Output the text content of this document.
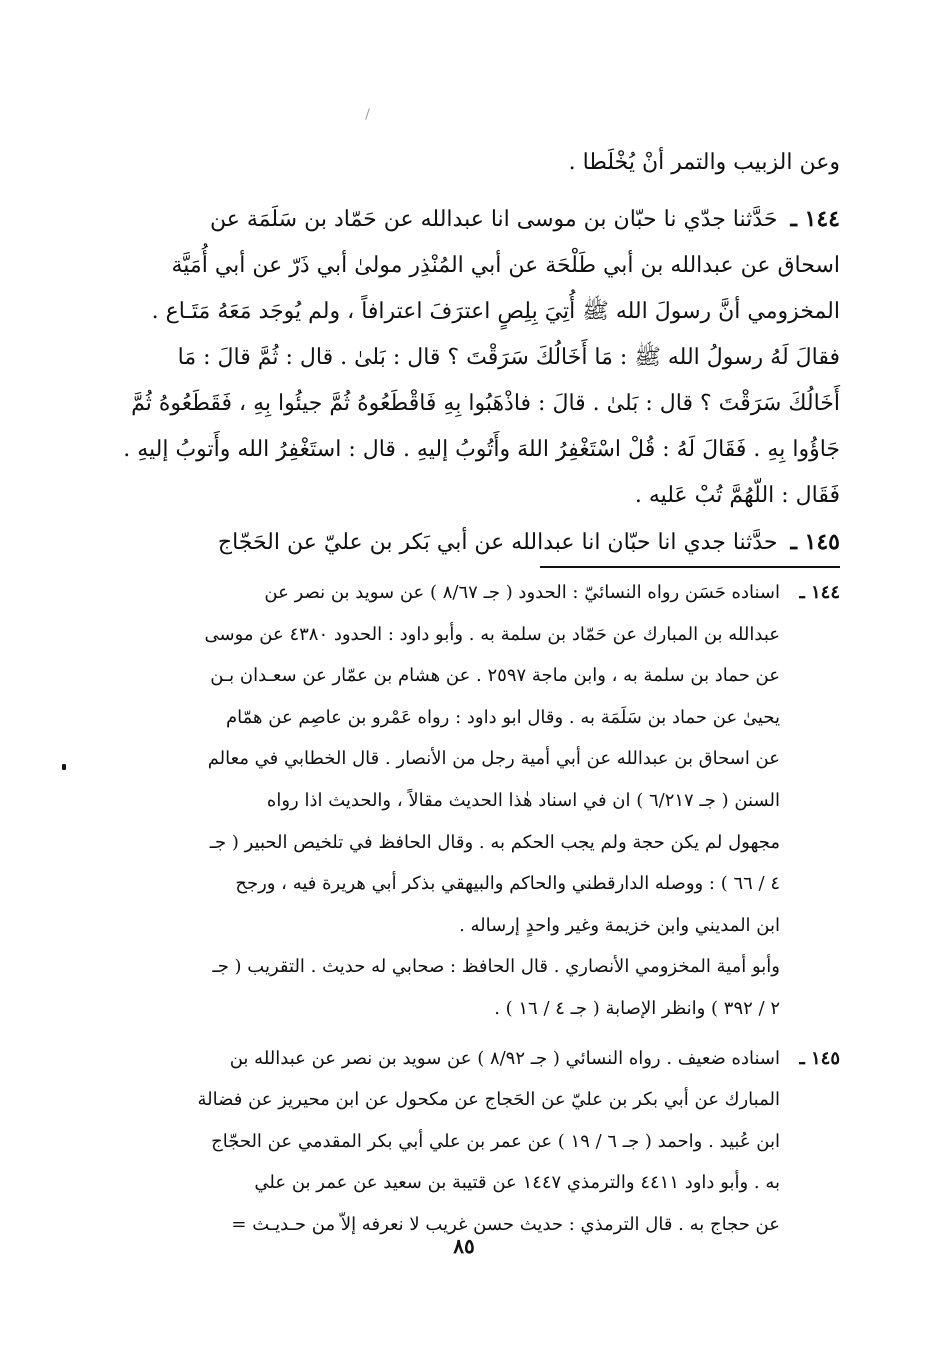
وعن الزبيب والتمر أنْ يُخْلَطا .

١٤٤ ـ حَدَّثنا جدّي نا حبّان بن موسى انا عبدالله عن حَمّاد بن سَلَمَة عن

اسحاق عن عبدالله بن أبي طَلْحَة عن أبي المُنْذِر مولىٰ أبي ذَرّ عن أبي أُمَيَّة

المخزومي أنَّ رسولَ الله ﷺ أُتِيَ بِلِصٍ اعترَفَ اعترافاً ، ولم يُوجَد مَعَهُ مَتَـاع .

فقالَ لَهُ رسولُ الله ﷺ : مَا أَخَالُكَ سَرَقْتَ ؟ قال : بَلىٰ . قال : ثُمَّ قالَ : مَا

أَخَالُكَ سَرَقْتَ ؟ قال : بَلىٰ . قالَ : فاذْهَبُوا بِهِ فَاقْطَعُوهُ ثُمَّ جيئُوا بِهِ ، فَقَطَعُوهُ ثُمَّ

جَاؤُوا بِهِ . فَقَالَ لَهُ : قُلْ اسْتَغْفِرُ اللهَ وأَتُوبُ إليهِ . قال : استَغْفِرُ الله وأَتوبُ إليهِ .

فَقَال : اللّهُمَّ تُبْ عَليه .

١٤٥ ـ حدَّثنا جدي انا حبّان انا عبدالله عن أبي بَكر بن عليّ عن الحَجّاج

١٤٤ ـ

اسناده حَسَن رواه النسائيّ : الحدود ( جـ ٨/٦٧ ) عن سويد بن نصر عن

عبدالله بن المبارك عن حَمّاد بن سلمة به . وأبو داود : الحدود ٤٣٨٠ عن موسى

عن حماد بن سلمة به ، وابن ماجة ٢٥٩٧ . عن هشام بن عمّار عن سعـدان بـن

يحيىٰ عن حماد بن سَلَمَة به . وقال ابو داود : رواه عَمْرو بن عاصِم عن همّام

عن اسحاق بن عبدالله عن أبي أمية رجل من الأنصار . قال الخطابي في معالم

السنن ( جـ ٦/٢١٧ ) ان في اسناد هٰذا الحديث مقالاً ، والحديث اذا رواه

مجهول لم يكن حجة ولم يجب الحكم به . وقال الحافظ في تلخيص الحبير ( جـ

٤ / ٦٦ ) : ووصله الدارقطني والحاكم والبيهقي بذكر أبي هريرة فيه ، ورجح

ابن المديني وابن خزيمة وغير واحدٍ إرساله .

وأبو أمية المخزومي الأنصاري . قال الحافظ : صحابي له حديث . التقريب ( جـ

٢ / ٣٩٢ ) وانظر الإصابة ( جـ ٤ / ١٦ ) .

١٤٥ ـ

اسناده ضعيف . رواه النسائي ( جـ ٨/٩٢ ) عن سويد بن نصر عن عبدالله بن

المبارك عن أبي بكر بن عليّ عن الحَجاج عن مكحول عن ابن محيريز عن فضالة

ابن عُبيد . واحمد ( جـ ٦ / ١٩ ) عن عمر بن علي أبي بكر المقدمي عن الحجّاج

به . وأبو داود ٤٤١١ والترمذي ١٤٤٧ عن قتيبة بن سعيد عن عمر بن علي

عن حجاج به . قال الترمذي : حديث حسن غريب لا نعرفه إلاّ من حـديـث =

٨٥
